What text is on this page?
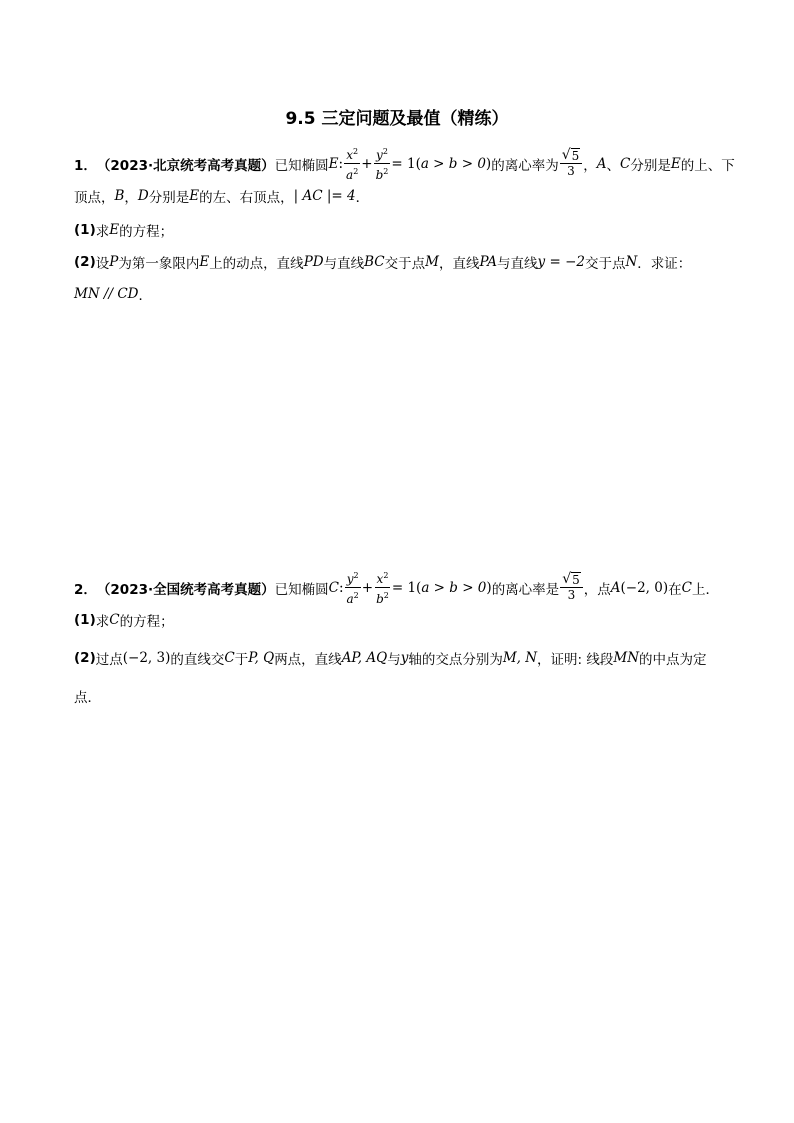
9.5 三定问题及最值（精练）
1． （2023·北京统考高考真题） 已知椭圆 E : $\frac{x^2}{a^2} + \frac{y^2}{b^2} = 1$( a > b > 0 ) 的离心率为 $\frac{√ 5}{3}$ ， A 、 C 分别是 E 的上、下
顶点， B ， D 分别是 E 的左、右顶点， | AC |= 4 ．
(1) 求 E 的方程；
(2) 设 P 为第一象限内 E 上的动点，直线 PD 与直线 BC 交于点 M ，直线 PA 与直线 y = −2 交于点 N ．求证：
MN // CD ．
2． （2023·全国统考高考真题） 已知椭圆 C : $\frac{y^2}{a^2} + \frac{x^2}{b^2} = 1$( a > b > 0 ) 的离心率是 $\frac{√ 5}{3}$ ，点 A (−2, 0) 在 C 上．
(1) 求 C 的方程；
(2) 过点 (−2, 3) 的直线交 C 于 P, Q 两点，直线 AP, AQ 与 y 轴的交点分别为 M, N ，证明: 线段 MN 的中点为定
点．
